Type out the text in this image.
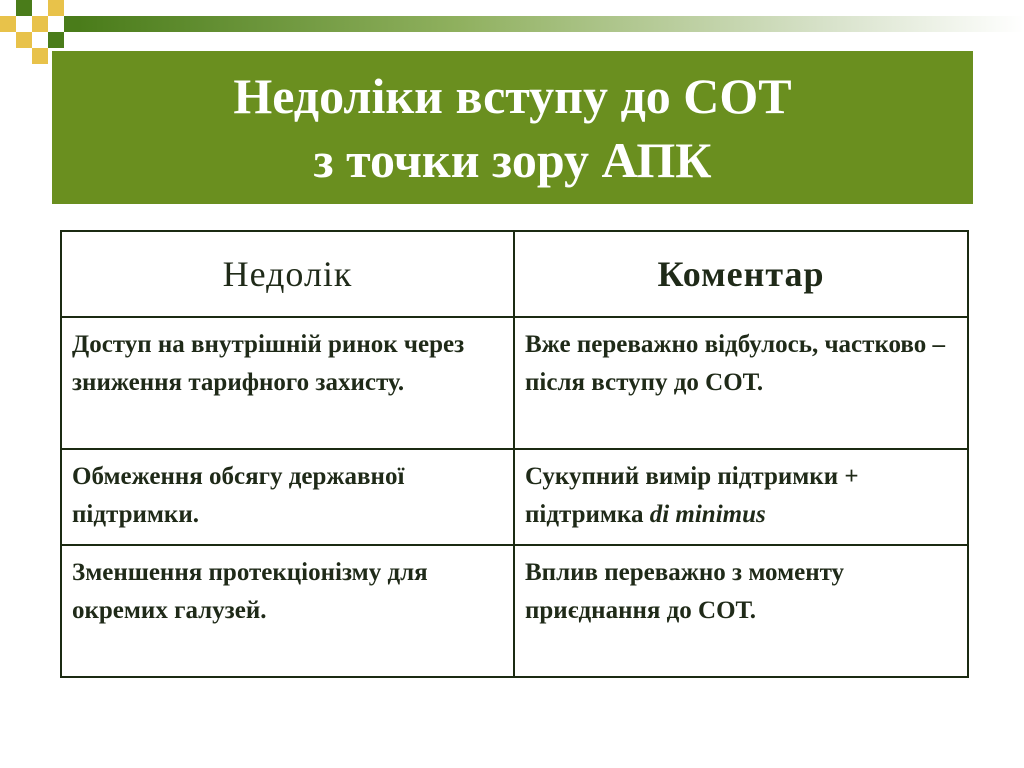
Недоліки вступу до СОТ
з точки зору АПК
Недолік	Коментар
Доступ на внутрішній ринок через зниження тарифного захисту.	Вже переважно відбулось, частково – після вступу до СОТ.
Обмеження обсягу державної підтримки.	Сукупний вимір підтримки + підтримка di minimus
Зменшення протекціонізму для окремих галузей.	Вплив переважно з моменту приєднання до СОТ.
